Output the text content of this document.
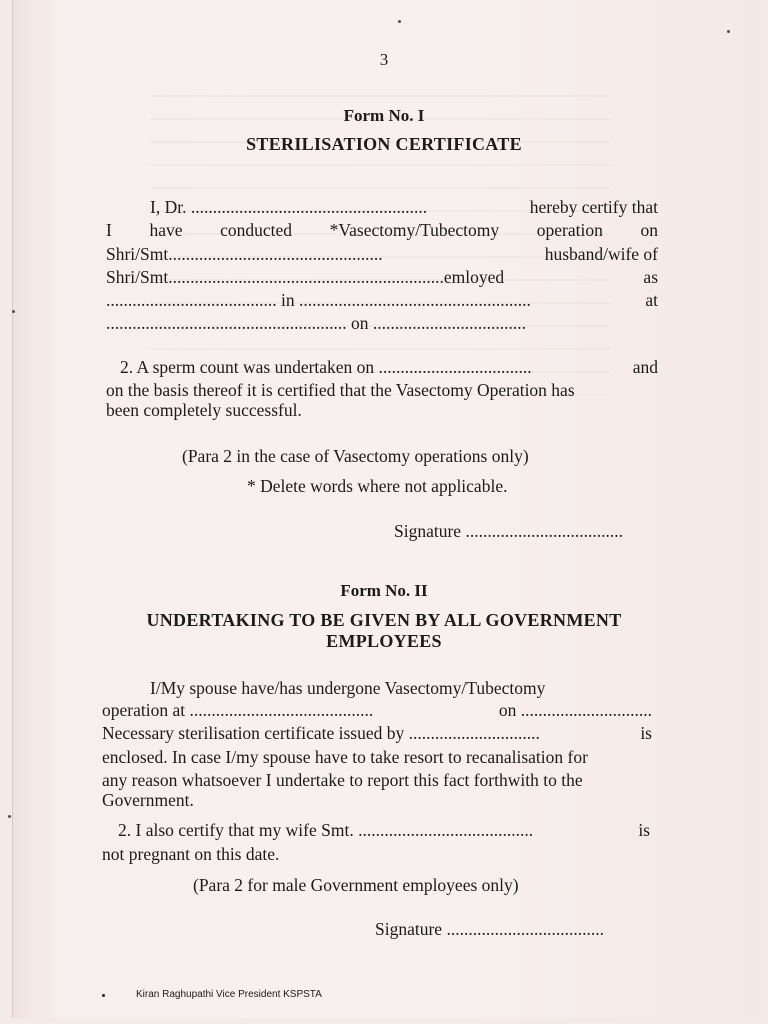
3
Form No. I
STERILISATION CERTIFICATE
I, Dr. ......................................................	hereby certify that
I have conducted *Vasectomy/Tubectomy operation on
Shri/Smt.................................................	husband/wife of
Shri/Smt...............................................................emloyed	as
....................................... in .....................................................	at
....................................................... on ...................................
2. A sperm count was undertaken on ...................................	and
on the basis thereof it is certified that the Vasectomy Operation has
been completely successful.
(Para 2 in the case of Vasectomy operations only)
* Delete words where not applicable.
Signature ....................................
Form No. II
UNDERTAKING TO BE GIVEN BY ALL GOVERNMENT
EMPLOYEES
I/My spouse have/has undergone Vasectomy/Tubectomy
operation at ..........................................	on ..............................
Necessary sterilisation certificate issued by ..............................	is
enclosed. In case I/my spouse have to take resort to recanalisation for
any reason whatsoever I undertake to report this fact forthwith to the
Government.
2. I also certify that my wife Smt. ........................................	is
not pregnant on this date.
(Para 2 for male Government employees only)
Signature ....................................
Kiran Raghupathi Vice President KSPSTA
